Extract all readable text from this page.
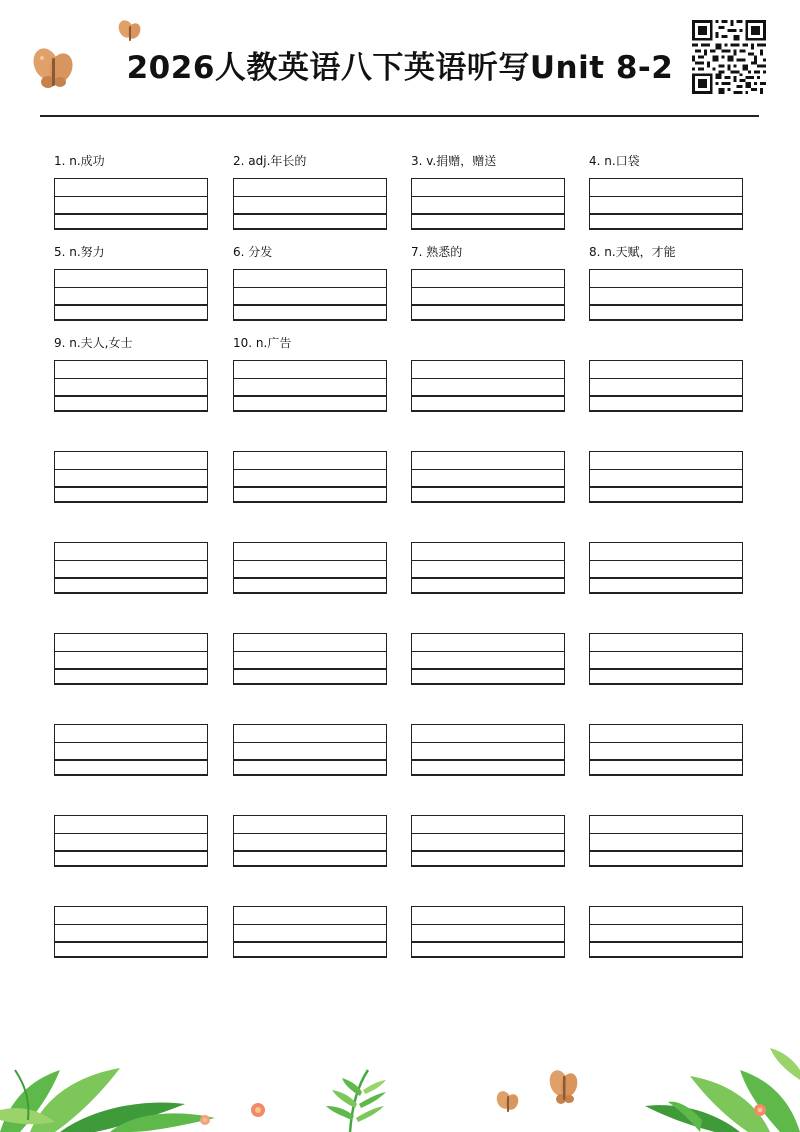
2026人教英语八下英语听写Unit 8-2
1. n.成功	2. adj.年长的	3. v.捐赠，赠送	4. n.口袋
5. n.努力	6. 分发	7. 熟悉的	8. n.天赋，才能
9. n.夫人,女士	10. n.广告
